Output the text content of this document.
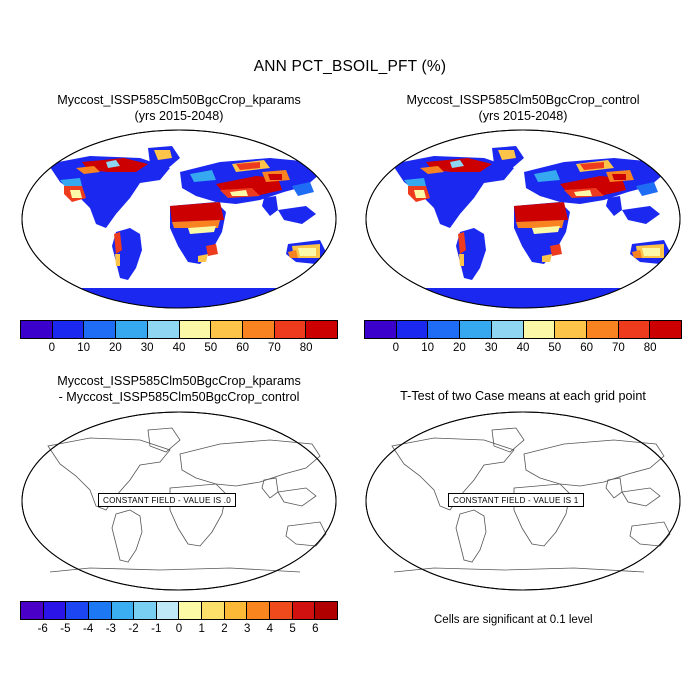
ANN PCT_BSOIL_PFT (%)
Myccost_ISSP585Clm50BgcCrop_kparams
(yrs 2015-2048)
0 10 20 30 40 50 60 70 80
Myccost_ISSP585Clm50BgcCrop_control
(yrs 2015-2048)
0 10 20 30 40 50 60 70 80
Myccost_ISSP585Clm50BgcCrop_kparams
- Myccost_ISSP585Clm50BgcCrop_control
CONSTANT FIELD - VALUE IS .0
-6 -5 -4 -3 -2 -1 0 1 2 3 4 5 6
T-Test of two Case means at each grid point
CONSTANT FIELD - VALUE IS 1
Cells are significant at 0.1 level
